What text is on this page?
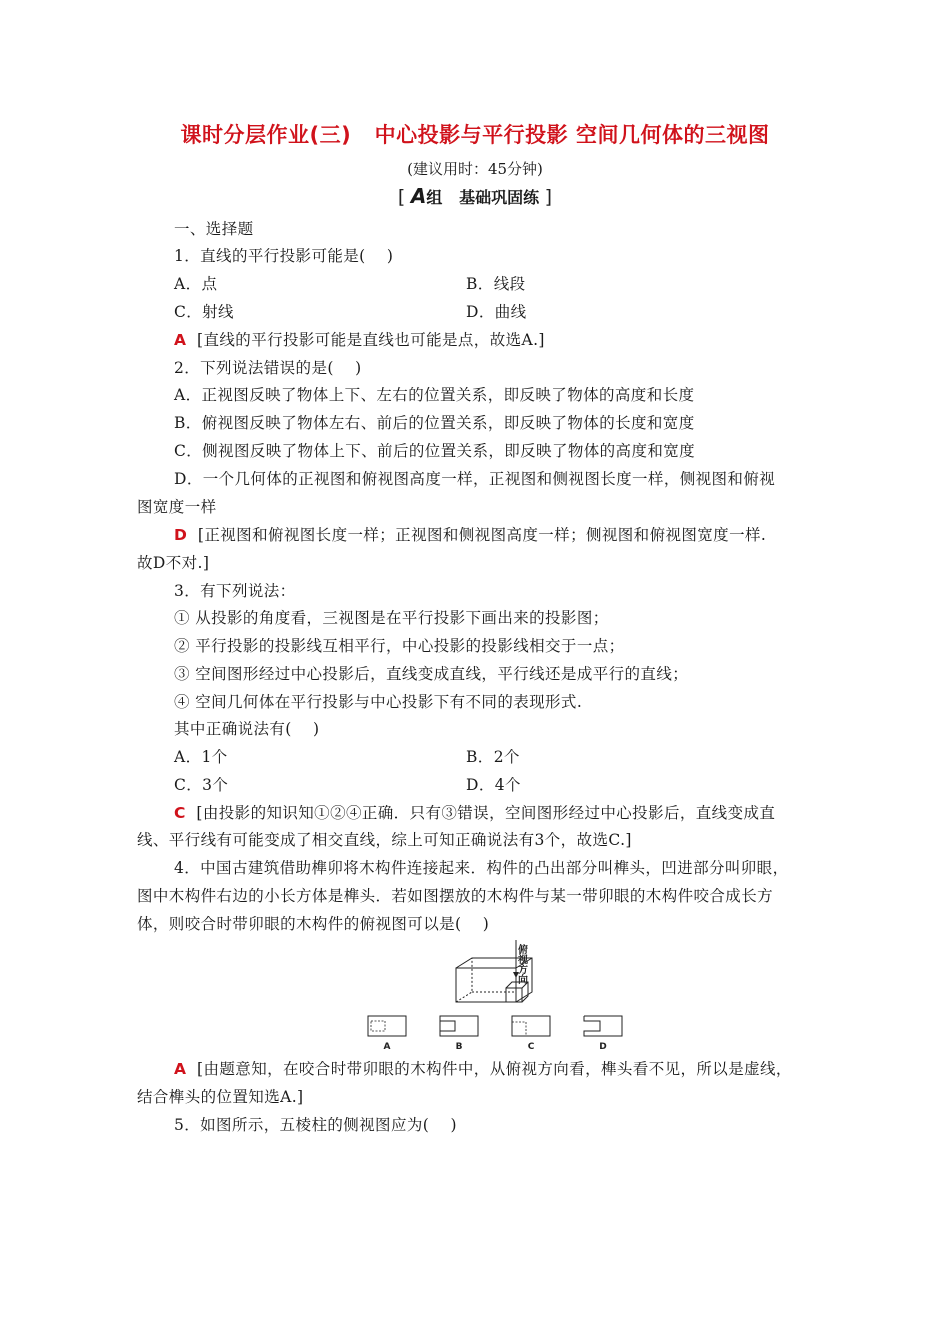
课时分层作业(三)   中心投影与平行投影 空间几何体的三视图
(建议用时：45分钟)
[ A组   基础巩固练 ]
一、选择题
1．直线的平行投影可能是(    )
A．点	B．线段
C．射线	D．曲线
A  [直线的平行投影可能是直线也可能是点，故选A.]
2．下列说法错误的是(    )
A．正视图反映了物体上下、左右的位置关系，即反映了物体的高度和长度
B．俯视图反映了物体左右、前后的位置关系，即反映了物体的长度和宽度
C．侧视图反映了物体上下、前后的位置关系，即反映了物体的高度和宽度
D．一个几何体的正视图和俯视图高度一样，正视图和侧视图长度一样，侧视图和俯视
图宽度一样
D  [正视图和俯视图长度一样；正视图和侧视图高度一样；侧视图和俯视图宽度一样.
故D不对.]
3．有下列说法：
① 从投影的角度看，三视图是在平行投影下画出来的投影图；
② 平行投影的投影线互相平行，中心投影的投影线相交于一点；
③ 空间图形经过中心投影后，直线变成直线，平行线还是成平行的直线；
④ 空间几何体在平行投影与中心投影下有不同的表现形式.
其中正确说法有(    )
A．1个	B．2个
C．3个	D．4个
C  [由投影的知识知①②④正确．只有③错误，空间图形经过中心投影后，直线变成直
线、平行线有可能变成了相交直线，综上可知正确说法有3个，故选C.]
4．中国古建筑借助榫卯将木构件连接起来．构件的凸出部分叫榫头，凹进部分叫卯眼，
图中木构件右边的小长方体是榫头．若如图摆放的木构件与某一带卯眼的木构件咬合成长方
体，则咬合时带卯眼的木构件的俯视图可以是(    )
俯视方向
A	B	C	D
A  [由题意知，在咬合时带卯眼的木构件中，从俯视方向看，榫头看不见，所以是虚线，
结合榫头的位置知选A.]
5．如图所示，五棱柱的侧视图应为(    )
